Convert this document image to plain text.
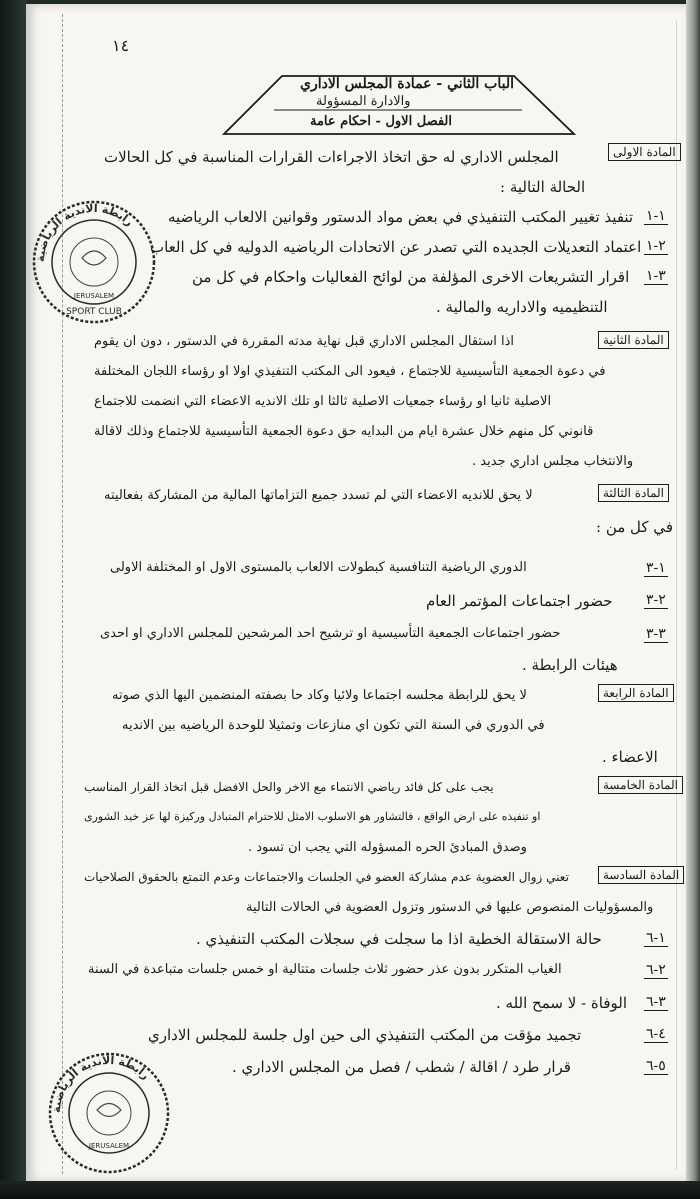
١٤
الباب الثاني - عمادة المجلس الاداري
والادارة المسؤولة
الفصل الاول - احكام عامة
المادة الاولى
المجلس الاداري له حق اتخاذ الاجراءات القرارات المناسبة في كل الحالات
الحالة التالية :
١-١
تنفيذ تغيير المكتب التنفيذي في بعض مواد الدستور وقوانين الالعاب الرياضيه
٢-١
اعتماد التعديلات الجديده التي تصدر عن الاتحادات الرياضيه الدوليه في كل العاب
٣-١
اقرار التشريعات الاخرى المؤلفة من لوائح الفعاليات واحكام في كل من
التنظيميه والاداريه والمالية .
المادة الثانية
اذا استقال المجلس الاداري قبل نهاية مدته المقررة في الدستور ، دون ان يقوم
في دعوة الجمعية التأسيسية للاجتماع ، فيعود الى المكتب التنفيذي اولا او رؤساء اللجان المختلفة
الاصلية ثانيا او رؤساء جمعيات الاصلية ثالثا او تلك الانديه الاعضاء التي انضمت للاجتماع
قانوني كل منهم خلال عشرة ايام من البدايه حق دعوة الجمعية التأسيسية للاجتماع وذلك لاقالة
والانتخاب مجلس اداري جديد .
المادة الثالثة
لا يحق للانديه الاعضاء التي لم تسدد جميع التزاماتها المالية من المشاركة بفعاليته
في كل من :
١-٣
الدوري الرياضية التنافسية كبطولات الالعاب بالمستوى الاول او المختلفة الاولى
٢-٣
حضور اجتماعات المؤتمر العام
٣-٣
حضور اجتماعات الجمعية التأسيسية او ترشيح احد المرشحين للمجلس الاداري او احدى
هيئات الرابطة .
المادة الرابعة
لا يحق للرابطة مجلسه اجتماعا ولائيا وكاد حا بصفته المنضمين اليها الذي صوته
في الدوري في السنة التي تكون اي منازعات وتمثيلا للوحدة الرياضيه بين الانديه
الاعضاء .
المادة الخامسة
يجب على كل فائد رياضي الانتماء مع الاخر والحل الافضل قبل اتخاذ القرار المناسب
او تنفيذه على ارض الواقع ، فالتشاور هو الاسلوب الامثل للاحترام المتبادل وركيزة لها عز خيد الشورى
وصدق المبادئ الحره المسؤوله التي يجب ان تسود .
المادة السادسة
تعني زوال العضوية عدم مشاركة العضو في الجلسات والاجتماعات وعدم التمتع بالحقوق الصلاحيات
والمسؤوليات المنصوص عليها في الدستور وتزول العضوية في الحالات التالية
١-٦
حالة الاستقالة الخطية اذا ما سجلت في سجلات المكتب التنفيذي .
٢-٦
الغياب المتكرر بدون عذر حضور ثلاث جلسات متتالية او خمس جلسات متباعدة في السنة
٣-٦
الوفاة - لا سمح الله .
٤-٦
تجميد مؤقت من المكتب التنفيذي الى حين اول جلسة للمجلس الاداري
٥-٦
قرار طرد / اقالة / شطب / فصل من المجلس الاداري .
رابطة الاندية الرياضية
SPORT CLUB
JERUSALEM
رابطة الاندية الرياضية
JERUSALEM
